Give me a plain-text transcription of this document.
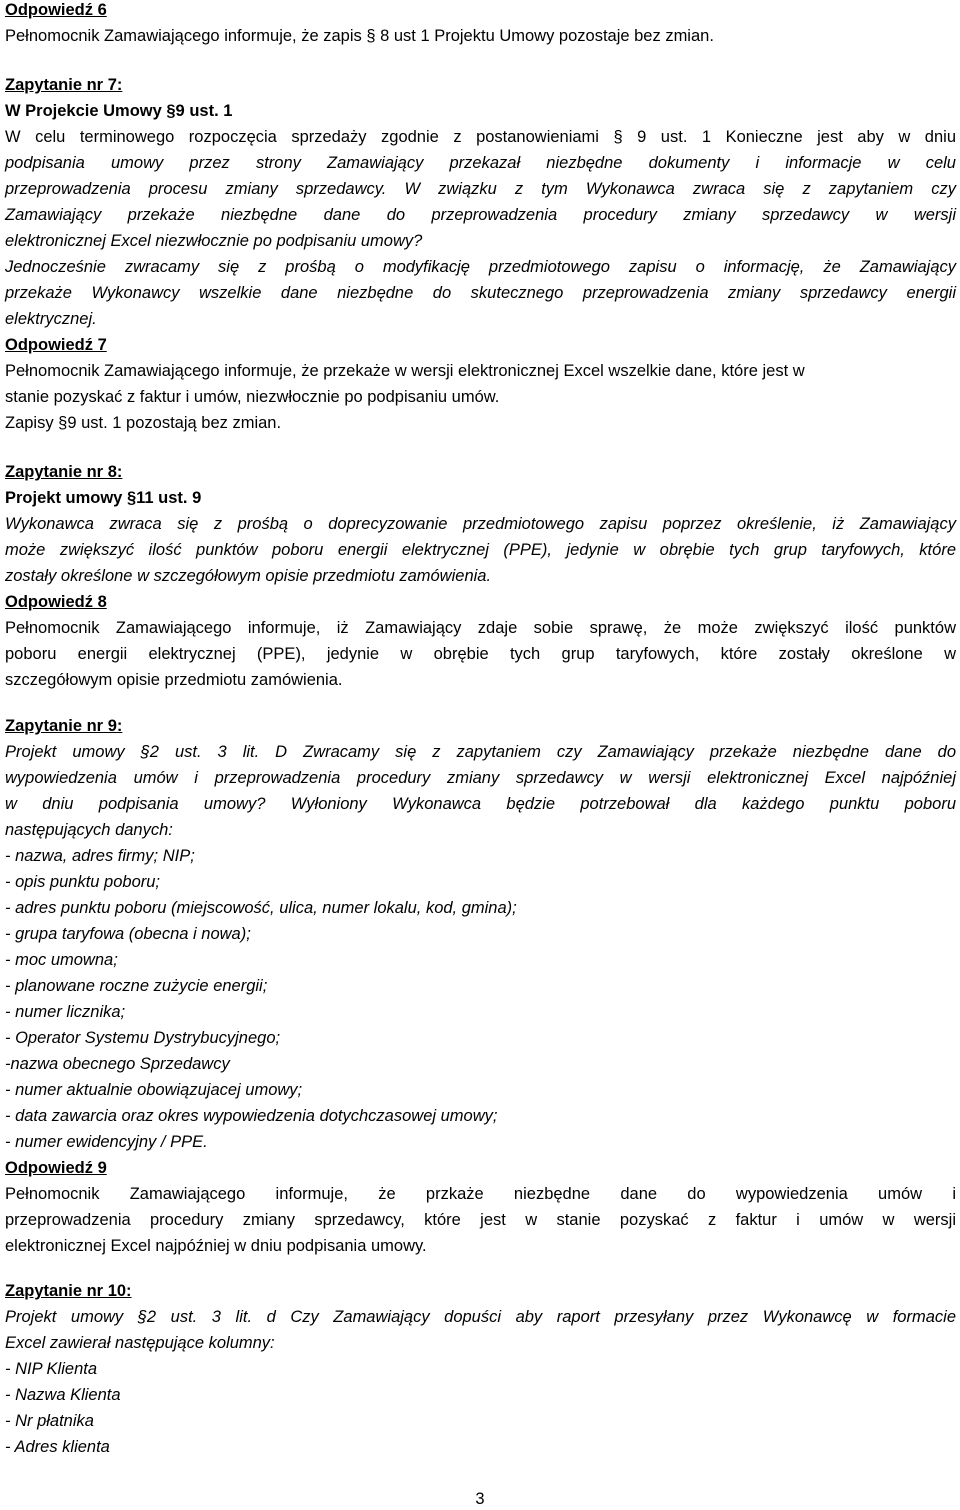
Odpowiedź 6
Pełnomocnik Zamawiającego informuje, że zapis § 8 ust 1 Projektu Umowy pozostaje bez zmian.
Zapytanie nr 7:
W Projekcie Umowy §9 ust. 1
W celu terminowego rozpoczęcia sprzedaży zgodnie z postanowieniami § 9 ust. 1 Konieczne jest aby w dniu
podpisania umowy przez strony Zamawiający przekazał niezbędne dokumenty i informacje w celu
przeprowadzenia procesu zmiany sprzedawcy. W związku z tym Wykonawca zwraca się z zapytaniem czy
Zamawiający przekaże niezbędne dane do przeprowadzenia procedury zmiany sprzedawcy w wersji
elektronicznej Excel niezwłocznie po podpisaniu umowy?
Jednocześnie zwracamy się z prośbą o modyfikację przedmiotowego zapisu o informację, że Zamawiający
przekaże Wykonawcy wszelkie dane niezbędne do skutecznego przeprowadzenia zmiany sprzedawcy energii
elektrycznej.
Odpowiedź 7
Pełnomocnik Zamawiającego informuje, że przekaże w wersji elektronicznej Excel wszelkie dane, które jest w
stanie pozyskać z faktur i umów, niezwłocznie po podpisaniu umów.
Zapisy §9 ust. 1 pozostają bez zmian.
Zapytanie nr 8:
Projekt umowy §11 ust. 9
Wykonawca zwraca się z prośbą o doprecyzowanie przedmiotowego zapisu poprzez określenie, iż Zamawiający
może zwiększyć ilość punktów poboru energii elektrycznej (PPE), jedynie w obrębie tych grup taryfowych, które
zostały określone w szczegółowym opisie przedmiotu zamówienia.
Odpowiedź 8
Pełnomocnik Zamawiającego informuje, iż Zamawiający zdaje sobie sprawę, że może zwiększyć ilość punktów
poboru energii elektrycznej (PPE), jedynie w obrębie tych grup taryfowych, które zostały określone w
szczegółowym opisie przedmiotu zamówienia.
Zapytanie nr 9:
Projekt umowy §2 ust. 3 lit. D Zwracamy się z zapytaniem czy Zamawiający przekaże niezbędne dane do
wypowiedzenia umów i przeprowadzenia procedury zmiany sprzedawcy w wersji elektronicznej Excel najpóźniej
w dniu podpisania umowy? Wyłoniony Wykonawca będzie potrzebował dla każdego punktu poboru
następujących danych:
- nazwa, adres firmy; NIP;
- opis punktu poboru;
- adres punktu poboru (miejscowość, ulica, numer lokalu, kod, gmina);
- grupa taryfowa (obecna i nowa);
- moc umowna;
- planowane roczne zużycie energii;
- numer licznika;
- Operator Systemu Dystrybucyjnego;
-nazwa obecnego Sprzedawcy
- numer aktualnie obowiązujacej umowy;
- data zawarcia oraz okres wypowiedzenia dotychczasowej umowy;
- numer ewidencyjny / PPE.
Odpowiedź 9
Pełnomocnik Zamawiającego informuje, że przkaże niezbędne dane do wypowiedzenia umów i
przeprowadzenia procedury zmiany sprzedawcy, które jest w stanie pozyskać z faktur i umów w wersji
elektronicznej Excel najpóźniej w dniu podpisania umowy.
Zapytanie nr 10:
Projekt umowy §2 ust. 3 lit. d Czy Zamawiający dopuści aby raport przesyłany przez Wykonawcę w formacie
Excel zawierał następujące kolumny:
- NIP Klienta
- Nazwa Klienta
- Nr płatnika
- Adres klienta
3
